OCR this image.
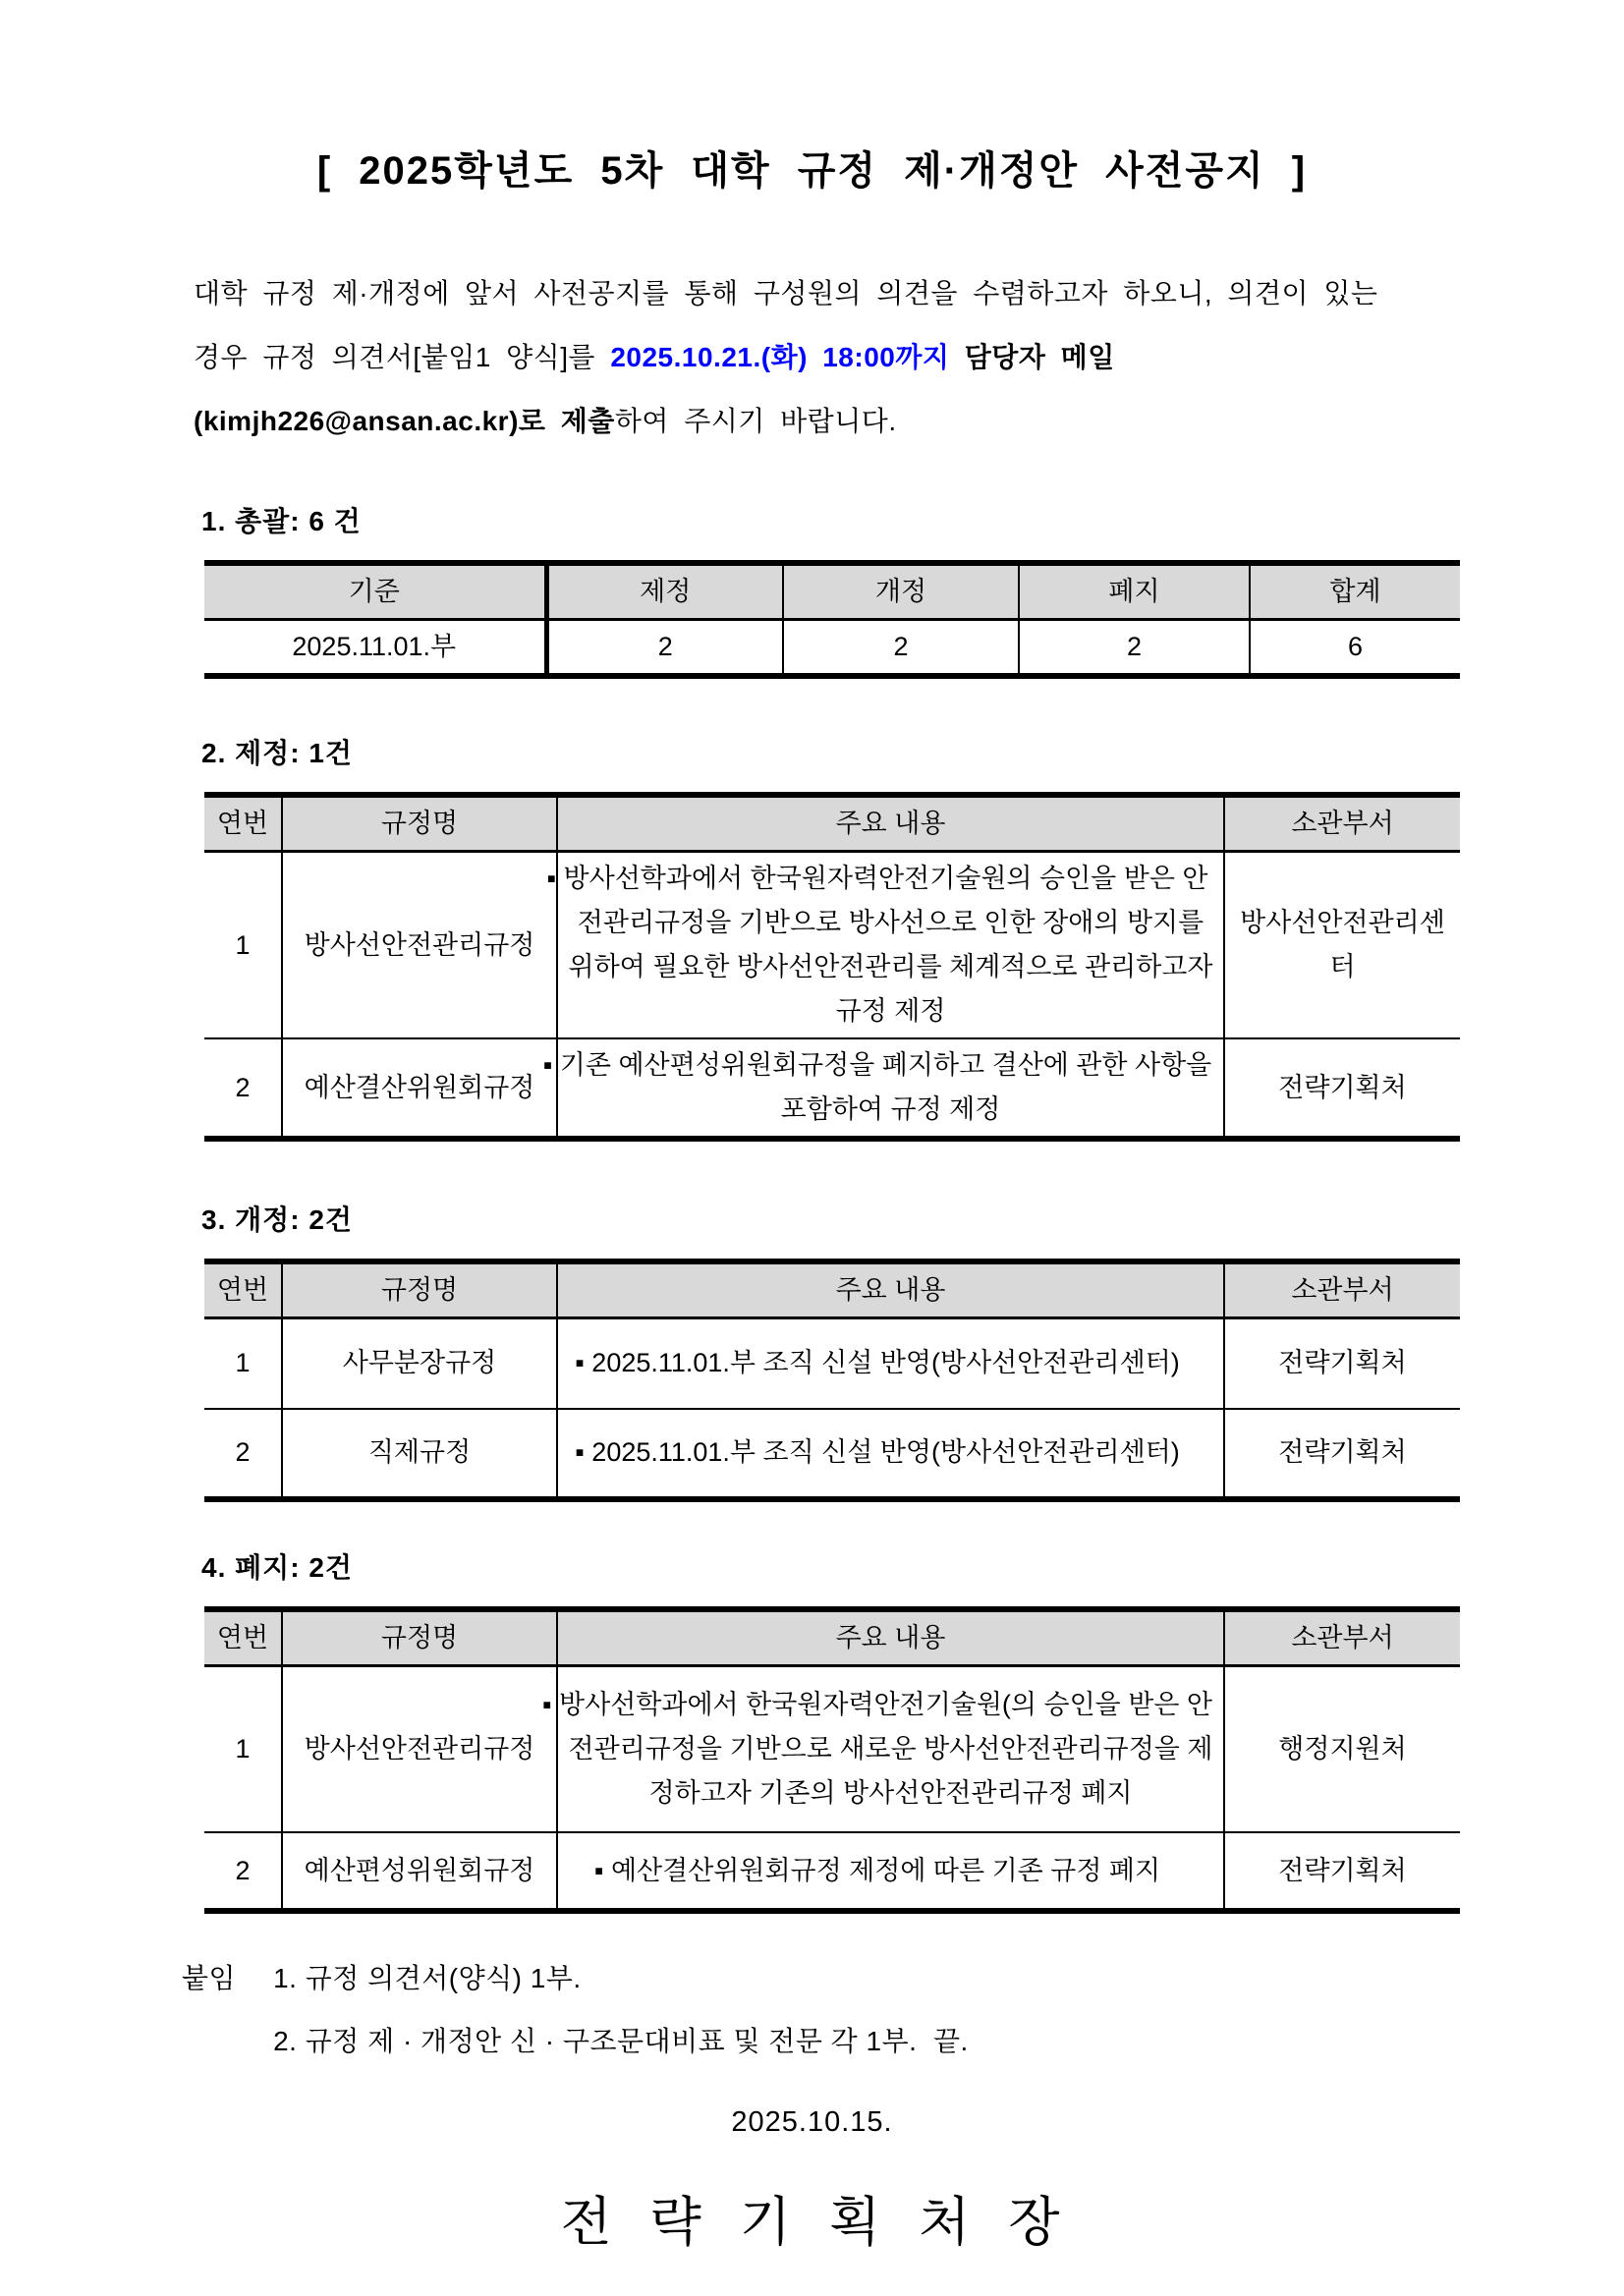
[ 2025학년도 5차 대학 규정 제·개정안 사전공지 ]

대학 규정 제·개정에 앞서 사전공지를 통해 구성원의 의견을 수렴하고자 하오니, 의견이 있는
경우 규정 의견서[붙임1 양식]를 2025.10.21.(화) 18:00까지 담당자 메일
(kimjh226@ansan.ac.kr)로 제출하여 주시기 바랍니다.

1. 총괄: 6 건
기준	제정	개정	폐지	합계
2025.11.01.부	2	2	2	6
2. 제정: 1건
연번	규정명	주요 내용	소관부서
1	방사선안전관리규정	▪ 방사선학과에서 한국원자력안전기술원의 승인을 받은 안전관리규정을 기반으로 방사선으로 인한 장애의 방지를 위하여 필요한 방사선안전관리를 체계적으로 관리하고자 규정 제정	방사선안전관리센터
2	예산결산위원회규정	▪ 기존 예산편성위원회규정을 폐지하고 결산에 관한 사항을 포함하여 규정 제정	전략기획처
3. 개정: 2건
연번	규정명	주요 내용	소관부서
1	사무분장규정	▪ 2025.11.01.부 조직 신설 반영(방사선안전관리센터)	전략기획처
2	직제규정	▪ 2025.11.01.부 조직 신설 반영(방사선안전관리센터)	전략기획처
4. 폐지: 2건
연번	규정명	주요 내용	소관부서
1	방사선안전관리규정	▪ 방사선학과에서 한국원자력안전기술원(의 승인을 받은 안전관리규정을 기반으로 새로운 방사선안전관리규정을 제정하고자 기존의 방사선안전관리규정 폐지	행정지원처
2	예산편성위원회규정	▪ 예산결산위원회규정 제정에 따른 기존 규정 폐지	전략기획처
붙임 1. 규정 의견서(양식) 1부.
2. 규정 제 · 개정안 신 · 구조문대비표 및 전문 각 1부.  끝.
2025.10.15.
전 략 기 획 처 장
